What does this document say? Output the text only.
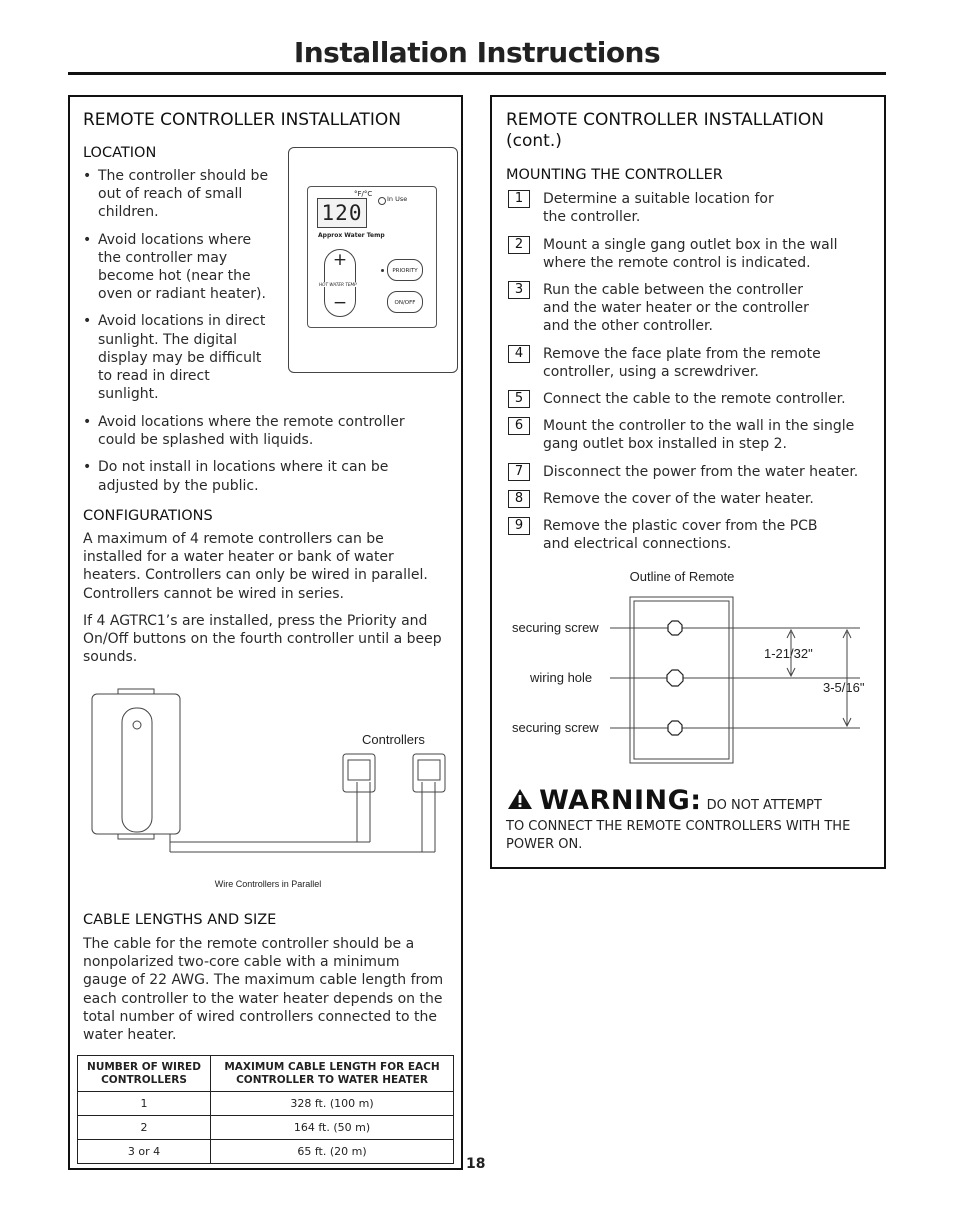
Installation Instructions
REMOTE CONTROLLER INSTALLATION
LOCATION
• The controller should be out of reach of small children.
• Avoid locations where the controller may become hot (near the oven or radiant heater).
• Avoid locations in direct sunlight. The digital display may be difficult to read in direct sunlight.
• Avoid locations where the remote controller could be splashed with liquids.
• Do not install in locations where it can be adjusted by the public.
120
°F/°C
In Use
Approx Water Temp
+
−
HOT WATER TEMP
PRIORITY
ON/OFF
CONFIGURATIONS
A maximum of 4 remote controllers can be installed for a water heater or bank of water heaters. Controllers can only be wired in parallel. Controllers cannot be wired in series.
If 4 AGTRC1’s are installed, press the Priority and On/Off buttons on the fourth controller until a beep sounds.
Controllers
Wire Controllers in Parallel
CABLE LENGTHS AND SIZE
The cable for the remote controller should be a nonpolarized two-core cable with a minimum gauge of 22 AWG. The maximum cable length from each controller to the water heater depends on the total number of wired controllers connected to the water heater.
NUMBER OF WIRED CONTROLLERS	MAXIMUM CABLE LENGTH FOR EACH CONTROLLER TO WATER HEATER
1	328 ft. (100 m)
2	164 ft. (50 m)
3 or 4	65 ft. (20 m)
18
REMOTE CONTROLLER INSTALLATION (cont.)
MOUNTING THE CONTROLLER
1	Determine a suitable location for the controller.
2	Mount a single gang outlet box in the wall where the remote control is indicated.
3	Run the cable between the controller and the water heater or the controller and the other controller.
4	Remove the face plate from the remote controller, using a screwdriver.
5	Connect the cable to the remote controller.
6	Mount the controller to the wall in the single gang outlet box installed in step 2.
7	Disconnect the power from the water heater.
8	Remove the cover of the water heater.
9	Remove the plastic cover from the PCB and electrical connections.
Outline of Remote
securing screw
wiring hole
securing screw
1-21/32"
3-5/16"
WARNING: DO NOT ATTEMPT
TO CONNECT THE REMOTE CONTROLLERS WITH THE POWER ON.
